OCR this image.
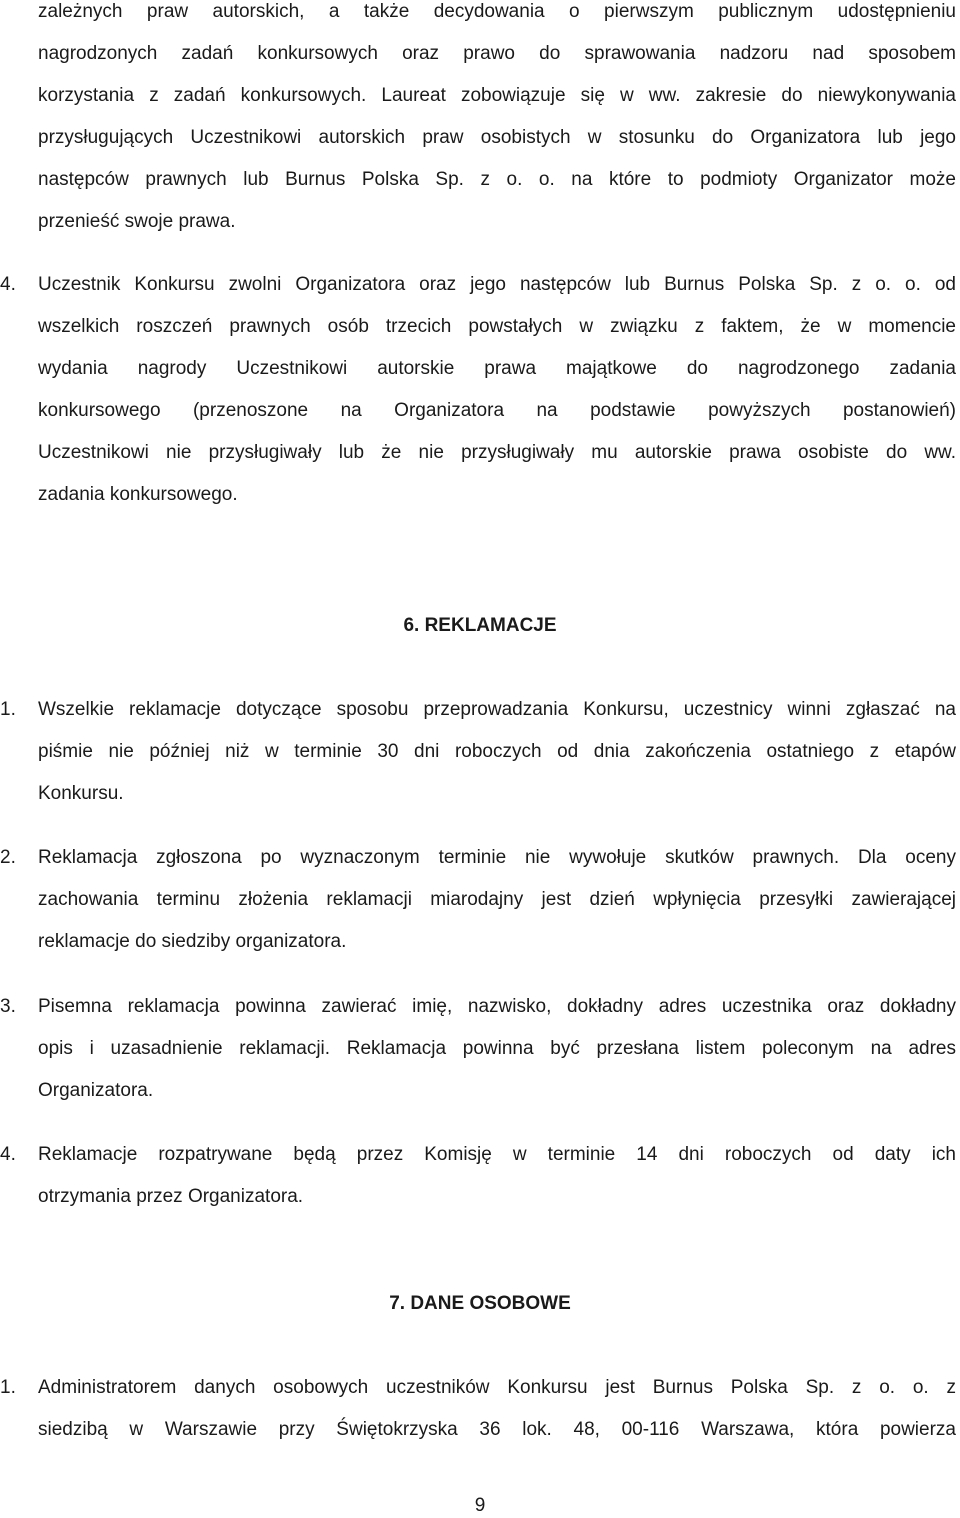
zależnych praw autorskich, a także decydowania o pierwszym publicznym udostępnieniu
nagrodzonych zadań konkursowych oraz prawo do sprawowania nadzoru nad sposobem
korzystania z zadań konkursowych. Laureat zobowiązuje się w ww. zakresie do niewykonywania
przysługujących Uczestnikowi autorskich praw osobistych w stosunku do Organizatora lub jego
następców prawnych lub Burnus Polska Sp. z o. o. na które to podmioty Organizator może
przenieść swoje prawa.
4. Uczestnik Konkursu zwolni Organizatora oraz jego następców lub Burnus Polska Sp. z o. o. od
wszelkich roszczeń prawnych osób trzecich powstałych w związku z faktem, że w momencie
wydania nagrody Uczestnikowi autorskie prawa majątkowe do nagrodzonego zadania
konkursowego (przenoszone na Organizatora na podstawie powyższych postanowień)
Uczestnikowi nie przysługiwały lub że nie przysługiwały mu autorskie prawa osobiste do ww.
zadania konkursowego.
6. REKLAMACJE
1. Wszelkie reklamacje dotyczące sposobu przeprowadzania Konkursu, uczestnicy winni zgłaszać na
piśmie nie później niż w terminie 30 dni roboczych od dnia zakończenia ostatniego z etapów
Konkursu.
2. Reklamacja zgłoszona po wyznaczonym terminie nie wywołuje skutków prawnych. Dla oceny
zachowania terminu złożenia reklamacji miarodajny jest dzień wpłynięcia przesyłki zawierającej
reklamacje do siedziby organizatora.
3. Pisemna reklamacja powinna zawierać imię, nazwisko, dokładny adres uczestnika oraz dokładny
opis i uzasadnienie reklamacji. Reklamacja powinna być przesłana listem poleconym na adres
Organizatora.
4. Reklamacje rozpatrywane będą przez Komisję w terminie 14 dni roboczych od daty ich
otrzymania przez Organizatora.
7. DANE OSOBOWE
1. Administratorem danych osobowych uczestników Konkursu jest Burnus Polska Sp. z o. o. z
siedzibą w Warszawie przy Świętokrzyska 36 lok. 48, 00-116 Warszawa, która powierza
9
